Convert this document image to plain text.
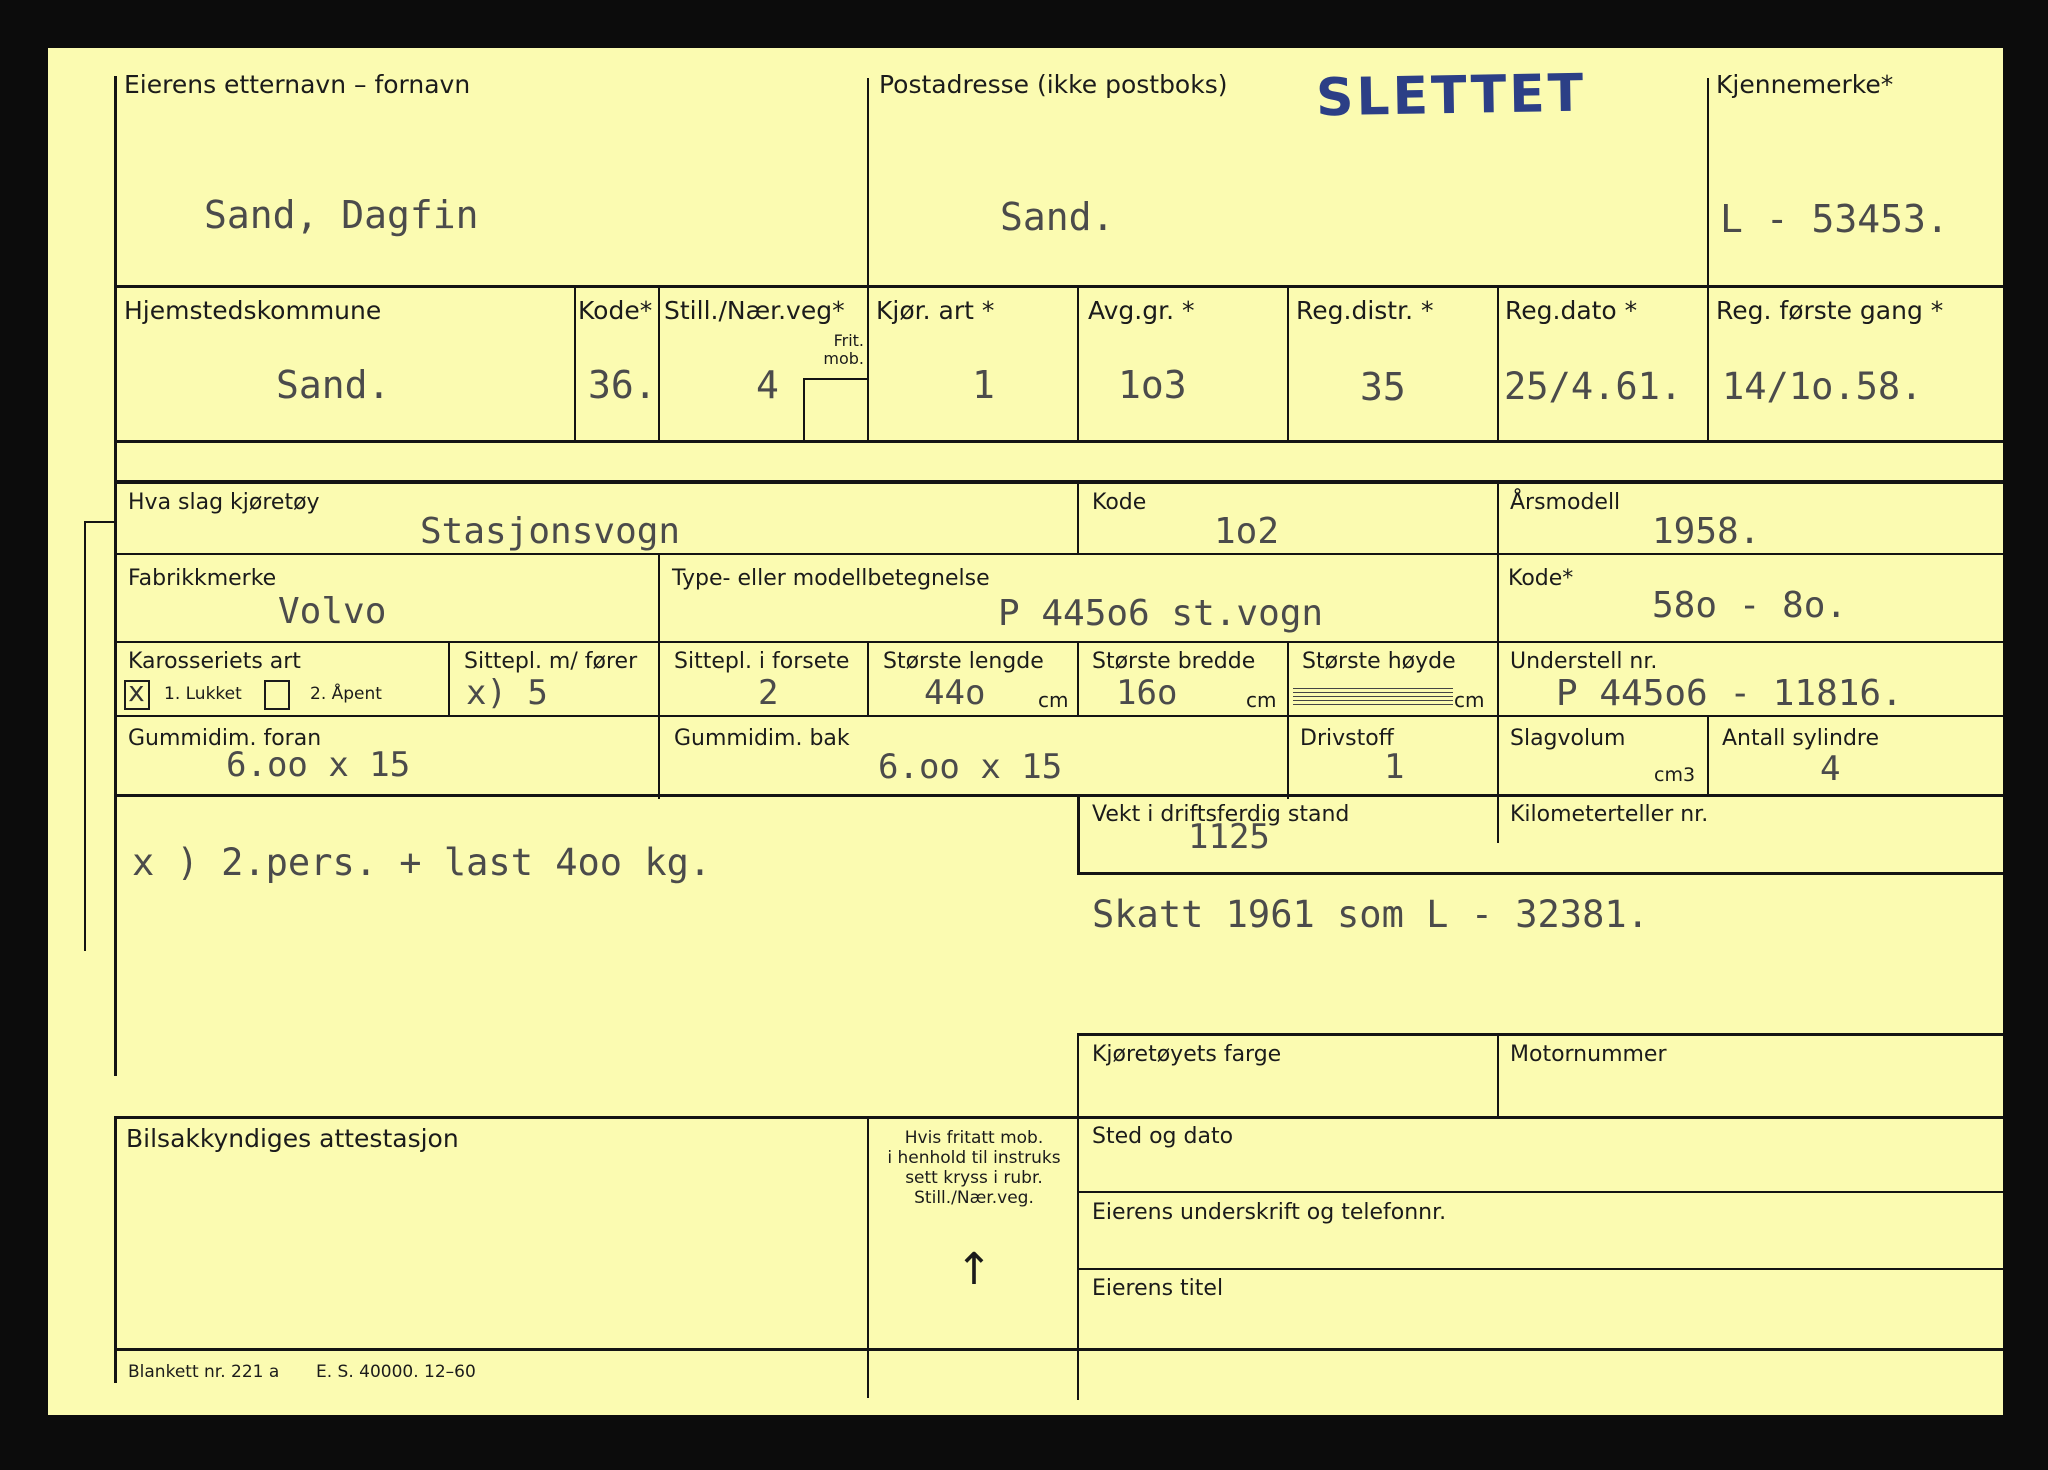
SLETTET
Eierens etternavn – fornavn
Sand, Dagfin
Postadresse (ikke postboks)
Sand.
Kjennemerke*
L - 53453.
Hjemstedskommune
Sand.
Kode*
36.
Still./Nær.veg*
4
Frit. mob.
Kjør. art *
1
Avg.gr. *
1o3
Reg.distr. *
35
Reg.dato *
25/4.61.
Reg. første gang *
14/1o.58.
Hva slag kjøretøy
Stasjonsvogn
Kode
1o2
Årsmodell
1958.
Fabrikkmerke
Volvo
Type- eller modellbetegnelse
P 445o6 st.vogn
Kode*
58o - 8o.
Karosseriets art
x 1. Lukket	2. Åpent
Sittepl. m/ fører
x) 5
Sittepl. i forsete
2
Største lengde
44o	cm
Største bredde
16o	cm
Største høyde
cm
Understell nr.
P 445o6 - 11816.
Gummidim. foran
6.oo x 15
Gummidim. bak
6.oo x 15
Drivstoff
1
Slagvolum
cm3
Antall sylindre
4
Vekt i driftsferdig stand
1125
Kilometerteller nr.
x ) 2.pers. + last 4oo kg.
Skatt 1961 som L - 32381.
Kjøretøyets farge	Motornummer
Bilsakkyndiges attestasjon	Hvis fritatt mob.
i henhold til instruks
sett kryss i rubr.
Still./Nær.veg.
↑
Sted og dato
Eierens underskrift og telefonnr.
Eierens titel
Blankett nr. 221 a E. S. 40000. 12–60
